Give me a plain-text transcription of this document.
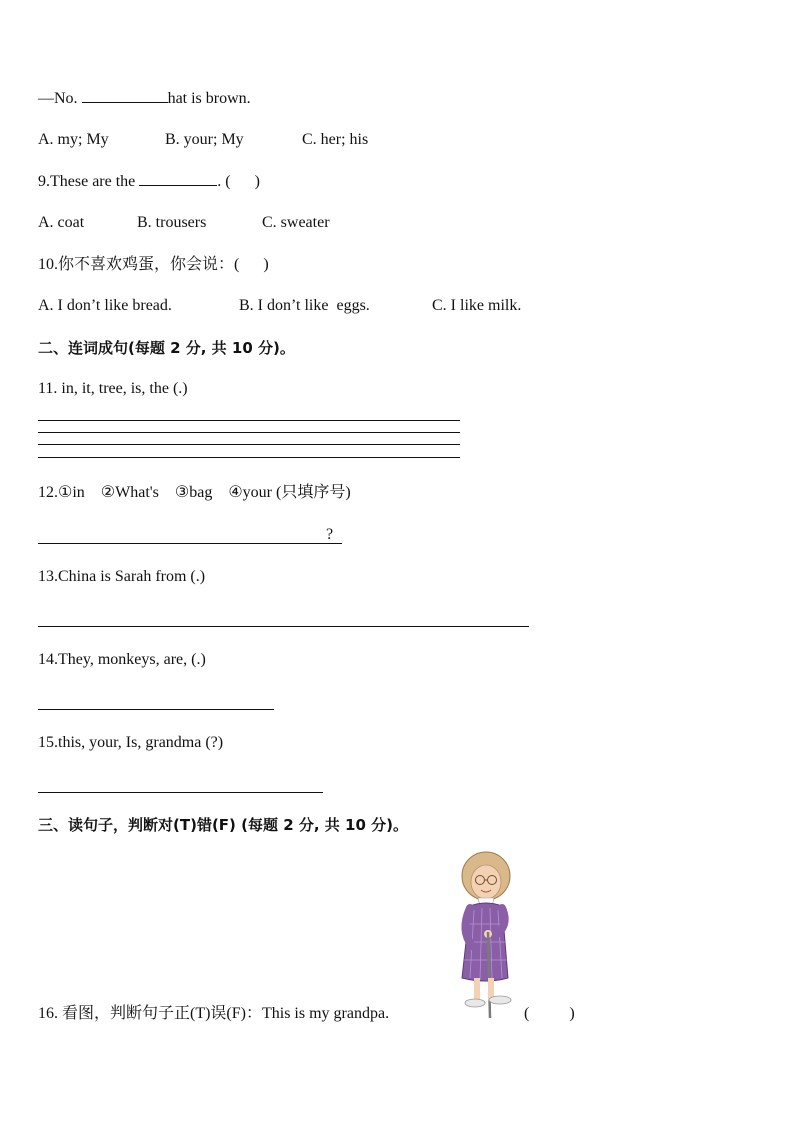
—No.	hat is brown.
A. my; My	B. your; My	C. her; his
9.These are the	. (      )
A. coat	B. trousers	C. sweater
10.你不喜欢鸡蛋，你会说：(      )
A. I don’t like bread.	B. I don’t like  eggs.	C. I like milk.
二、连词成句(每题 2 分, 共 10 分)。
11. in, it, tree, is, the (.)
12.①in    ②What's    ③bag    ④your (只填序号)
?
13.China is Sarah from (.)
14.They, monkeys, are, (.)
15.this, your, Is, grandma (?)
三、读句子，判断对(T)错(F) (每题 2 分, 共 10 分)。
16. 看图，判断句子正(T)误(F)：This is my grandpa.	(          )
